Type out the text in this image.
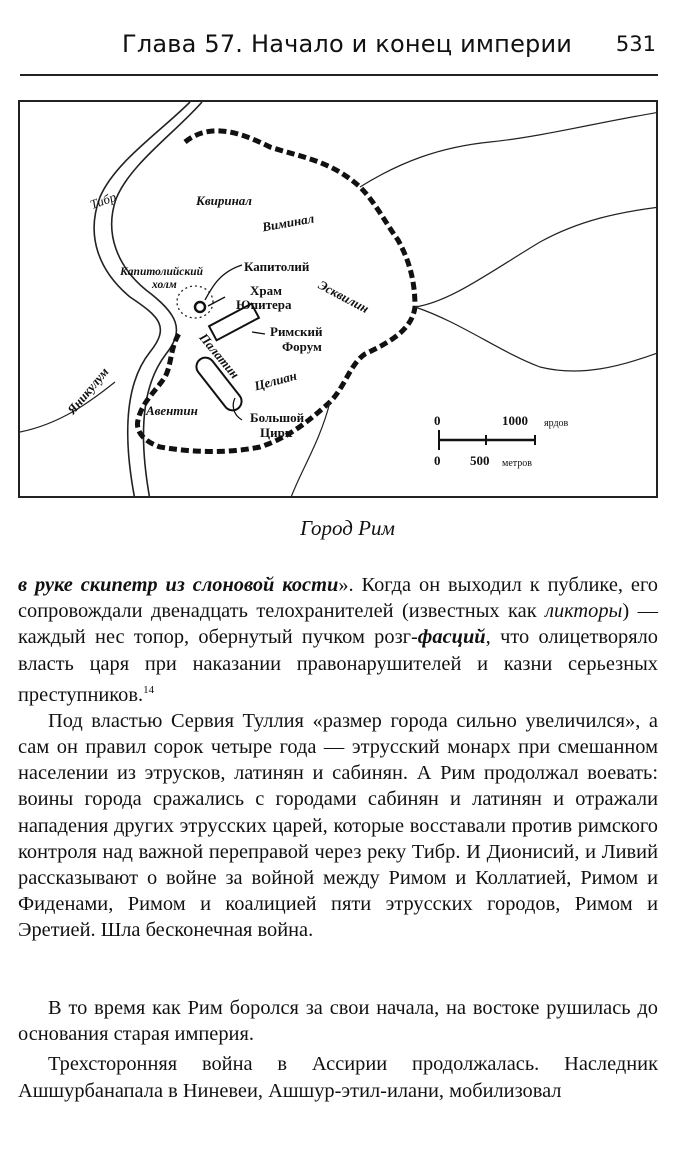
Глава 57. Начало и конец империи 531
Тибр	Квиринал
Виминал
Капитолийский
холм
Капитолий
Храм
Юпитера Эсквилин
Римский
Форум
Палатин
Яникулум	Авентин
Целиан
Большой
Цирк
0	1000 ярдов
0 500 метров
Город Рим

в руке скипетр из слоновой кости». Когда он выходил к публике, его сопровождали двенадцать телохранителей (известных как ликторы) — каждый нес топор, обернутый пучком розг-фасций, что олицетворяло власть царя при наказании правонарушителей и казни серьезных преступников.$^{14}$

Под властью Сервия Туллия «размер города сильно увеличился», а сам он правил сорок четыре года — этрусский монарх при смешанном населении из этрусков, латинян и сабинян. А Рим продолжал воевать: воины города сражались с городами сабинян и латинян и отражали нападения других этрусских царей, которые восставали против римского контроля над важной переправой через реку Тибр. И Дионисий, и Ливий рассказывают о войне за войной между Римом и Коллатией, Римом и Фиденами, Римом и коалицией пяти этрусских городов, Римом и Эретией. Шла бесконечная война.

В то время как Рим боролся за свои начала, на востоке рушилась до основания старая империя.

Трехсторонняя война в Ассирии продолжалась. Наследник Ашшурбанапала в Ниневеи, Ашшур-этил-илани, мобилизовал
